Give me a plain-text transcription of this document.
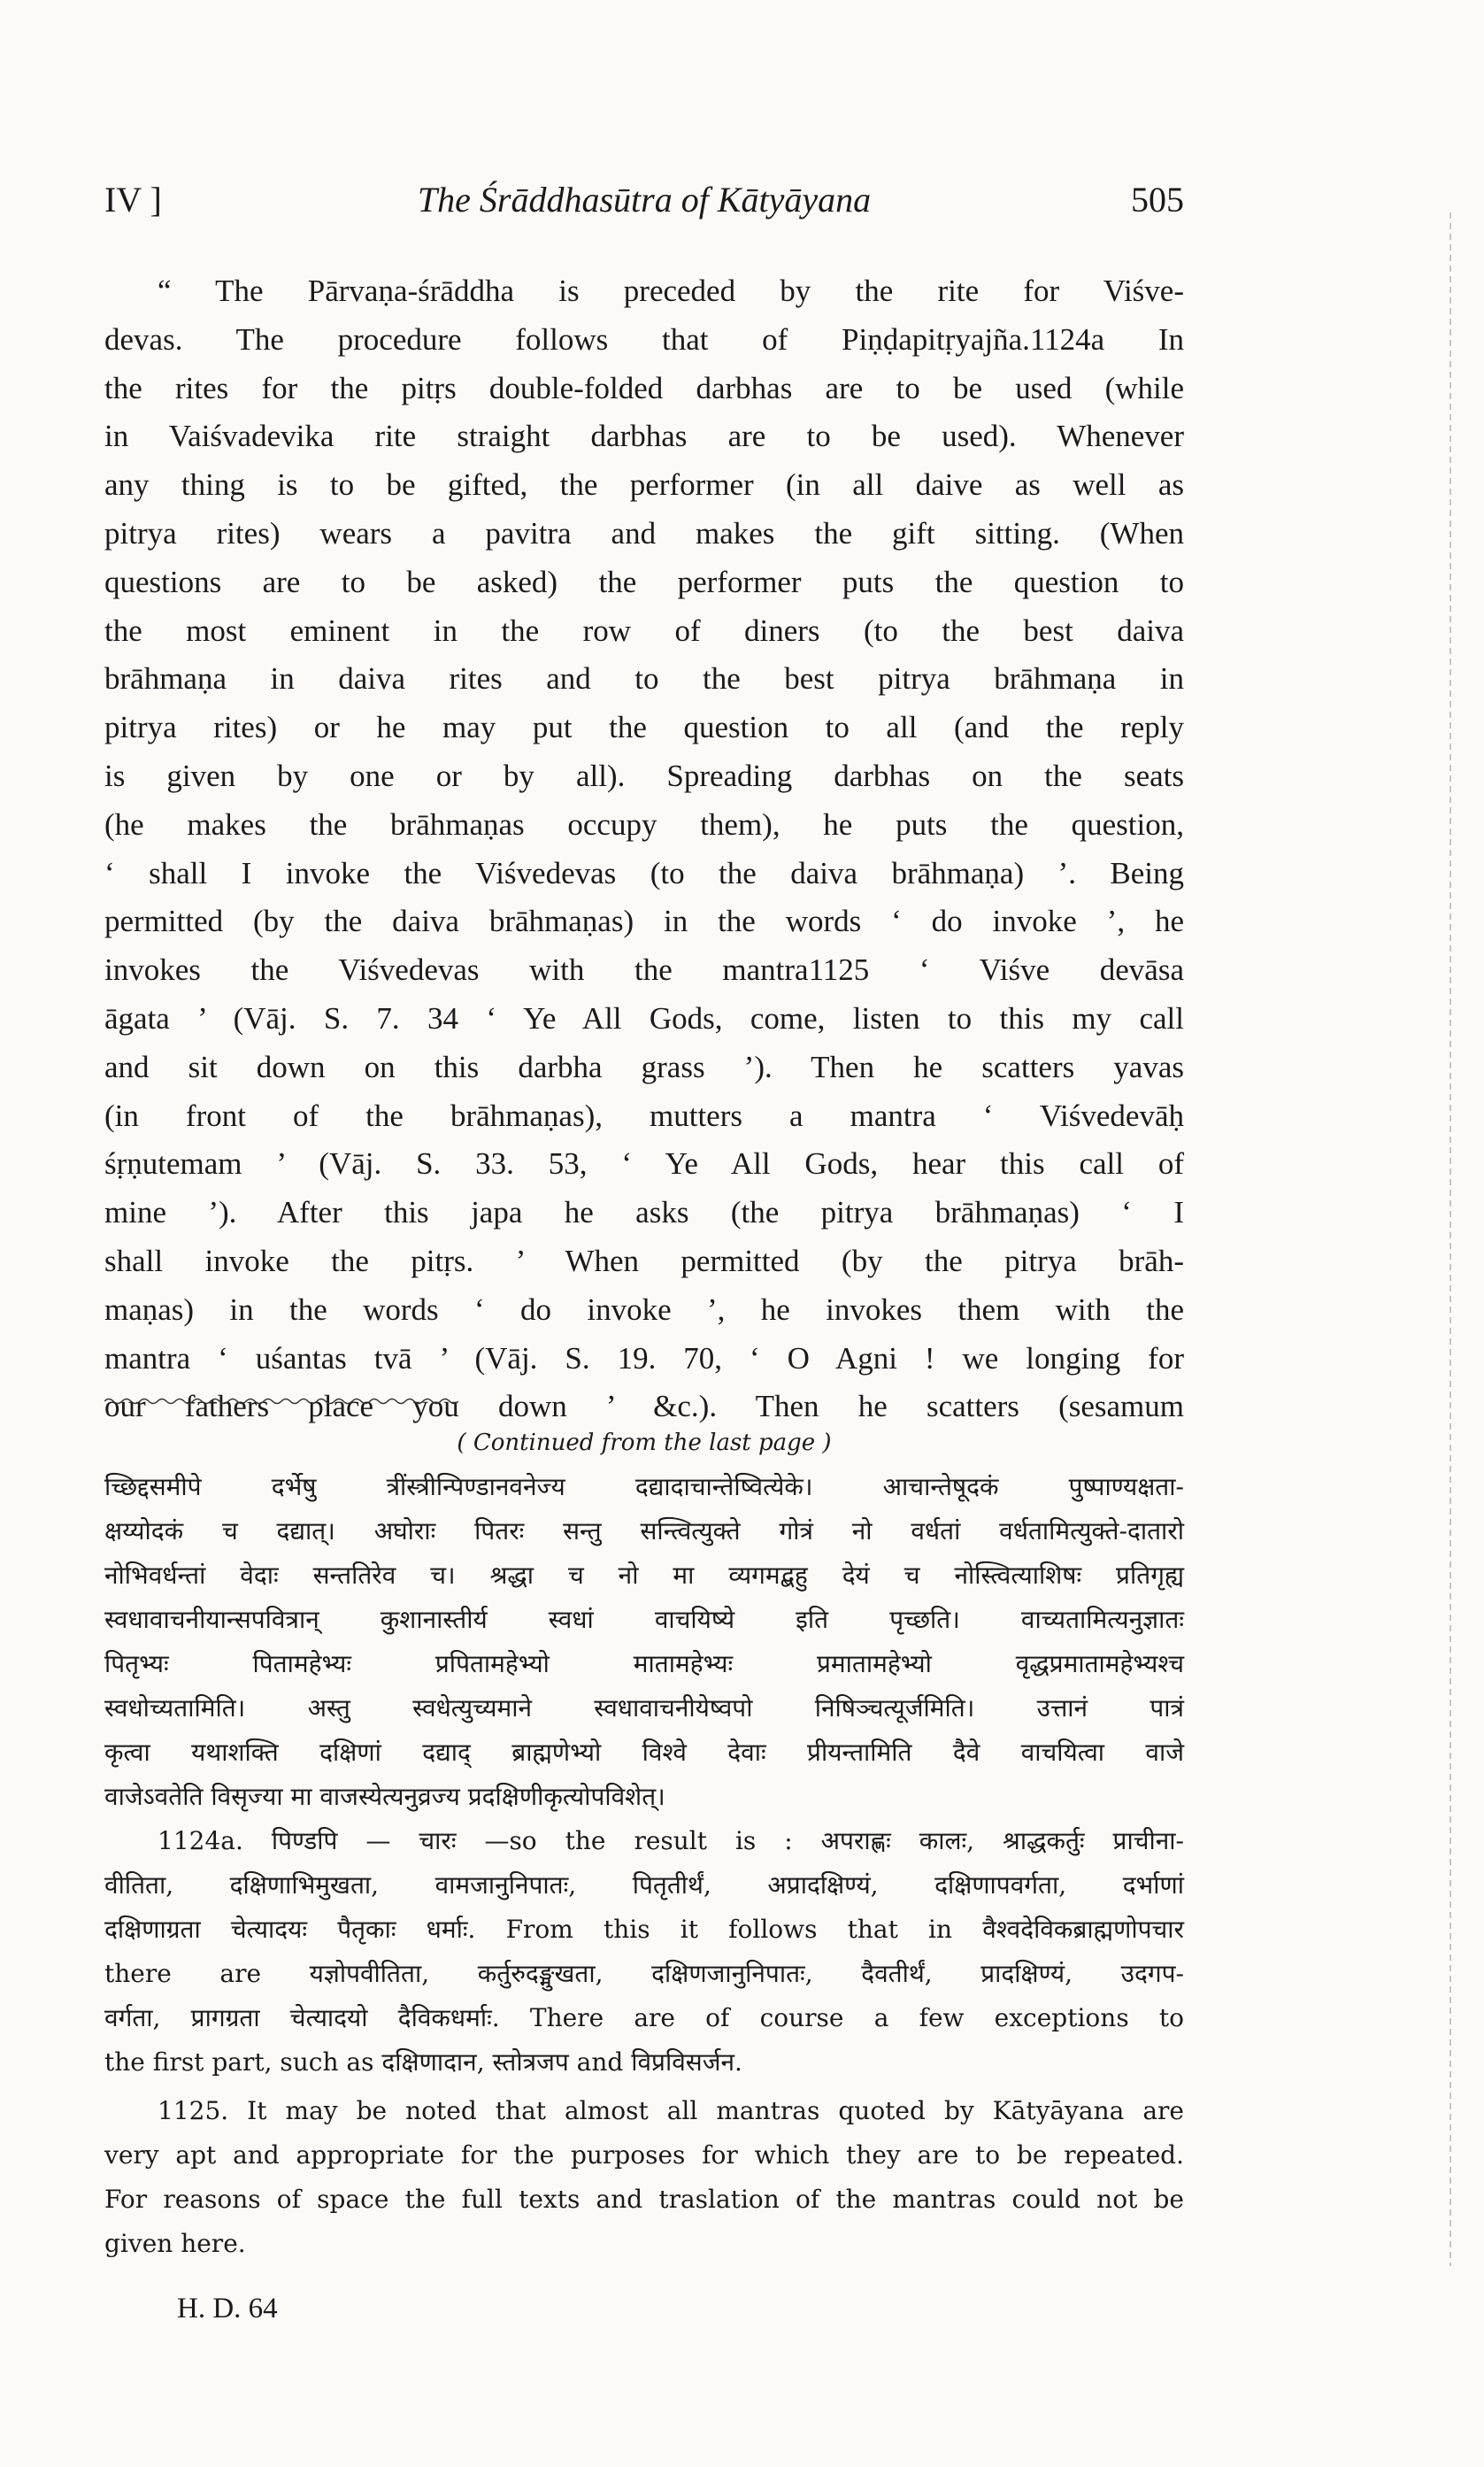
IV ]	The Śrāddhasūtra of Kātyāyana	505
“ The Pārvaṇa-śrāddha is preceded by the rite for Viśve-
devas. The procedure follows that of Piṇḍapitṛyajña.1124a In
the rites for the pitṛs double-folded darbhas are to be used (while
in Vaiśvadevika rite straight darbhas are to be used). Whenever
any thing is to be gifted, the performer (in all daive as well as
pitrya rites) wears a pavitra and makes the gift sitting. (When
questions are to be asked) the performer puts the question to
the most eminent in the row of diners (to the best daiva
brāhmaṇa in daiva rites and to the best pitrya brāhmaṇa in
pitrya rites) or he may put the question to all (and the reply
is given by one or by all). Spreading darbhas on the seats
(he makes the brāhmaṇas occupy them), he puts the question,
‘ shall I invoke the Viśvedevas (to the daiva brāhmaṇa) ’. Being
permitted (by the daiva brāhmaṇas) in the words ‘ do invoke ’, he
invokes the Viśvedevas with the mantra1125 ‘ Viśve devāsa
āgata ’ (Vāj. S. 7. 34 ‘ Ye All Gods, come, listen to this my call
and sit down on this darbha grass ’). Then he scatters yavas
(in front of the brāhmaṇas), mutters a mantra ‘ Viśvedevāḥ
śṛṇutemam ’ (Vāj. S. 33. 53, ‘ Ye All Gods, hear this call of
mine ’). After this japa he asks (the pitrya brāhmaṇas) ‘ I
shall invoke the pitṛs. ’ When permitted (by the pitrya brāh-
maṇas) in the words ‘ do invoke ’, he invokes them with the
mantra ‘ uśantas tvā ’ (Vāj. S. 19. 70, ‘ O Agni ! we longing for
our fathers place you down ’ &c.). Then he scatters (sesamum
( Continued from the last page )
च्छिद्दसमीपे दर्भेषु त्रींस्त्रीन्पिण्डानवनेज्य दद्यादाचान्तेष्वित्येके। आचान्तेषूदकं पुष्पाण्यक्षता-
क्षय्योदकं च दद्यात्। अघोराः पितरः सन्तु सन्त्वित्युक्ते गोत्रं नो वर्धतां वर्धतामित्युक्ते-दातारो
नोभिवर्धन्तां वेदाः सन्ततिरेव च। श्रद्धा च नो मा व्यगमद्बहु देयं च नोस्त्वित्याशिषः प्रतिगृह्य
स्वधावाचनीयान्सपवित्रान् कुशानास्तीर्य स्वधां वाचयिष्ये इति पृच्छति। वाच्यतामित्यनुज्ञातः
पितृभ्यः पितामहेभ्यः प्रपितामहेभ्यो मातामहेभ्यः प्रमातामहेभ्यो वृद्धप्रमातामहेभ्यश्च
स्वधोच्यतामिति। अस्तु स्वधेत्युच्यमाने स्वधावाचनीयेष्वपो निषिञ्चत्यूर्जमिति। उत्तानं पात्रं
कृत्वा यथाशक्ति दक्षिणां दद्याद् ब्राह्मणेभ्यो विश्वे देवाः प्रीयन्तामिति दैवे वाचयित्वा वाजे
वाजेऽवतेति विसृज्या मा वाजस्येत्यनुव्रज्य प्रदक्षिणीकृत्योपविशेत्।
1124a. पिण्डपि — चारः —so the result is : अपराह्णः कालः, श्राद्धकर्तुः प्राचीना-
वीतिता, दक्षिणाभिमुखता, वामजानुनिपातः, पितृतीर्थं, अप्रादक्षिण्यं, दक्षिणापवर्गता, दर्भाणां
दक्षिणाग्रता चेत्यादयः पैतृकाः धर्माः. From this it follows that in वैश्वदेविकब्राह्मणोपचार
there are यज्ञोपवीतिता, कर्तुरुदङ्मुखता, दक्षिणजानुनिपातः, दैवतीर्थं, प्रादक्षिण्यं, उदगप-
वर्गता, प्रागग्रता चेत्यादयो दैविकधर्माः. There are of course a few exceptions to
the first part, such as दक्षिणादान, स्तोत्रजप and विप्रविसर्जन.
1125. It may be noted that almost all mantras quoted by Kātyāyana are
very apt and appropriate for the purposes for which they are to be repeated.
For reasons of space the full texts and traslation of the mantras could not be
given here.
H. D. 64
